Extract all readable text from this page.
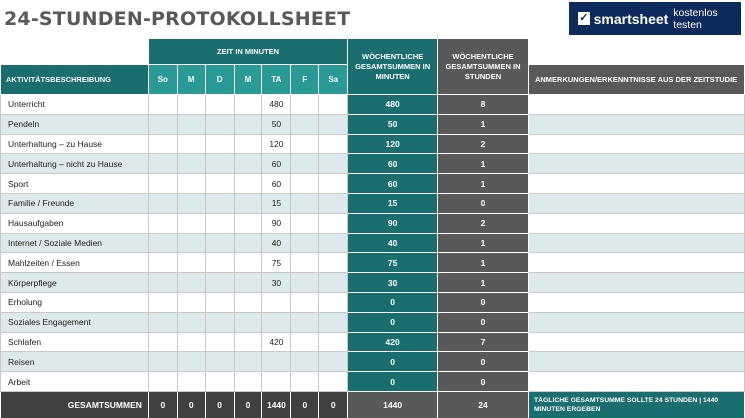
24-STUNDEN-PROTOKOLLSHEET	✓ smartsheet kostenlos testen
	ZEIT IN MINUTEN							WÖCHENTLICHE GESAMTSUMMEN IN MINUTEN	WÖCHENTLICHE GESAMTSUMMEN IN STUNDEN	
AKTIVITÄTSBESCHREIBUNG	So	M	D	M	TA	F	Sa			ANMERKUNGEN/ERKENNTNISSE AUS DER ZEITSTUDIE
Unterricht					480			480	8	
Pendeln					50			50	1	
Unterhaltung – zu Hause					120			120	2	
Unterhaltung – nicht zu Hause					60			60	1	
Sport					60			60	1	
Familie / Freunde					15			15	0	
Hausaufgaben					90			90	2	
Internet / Soziale Medien					40			40	1	
Mahlzeiten / Essen					75			75	1	
Körperpflege					30			30	1	
Erholung								0	0	
Soziales Engagement								0	0	
Schlafen					420			420	7	
Reisen								0	0	
Arbeit								0	0	
GESAMTSUMMEN	0	0	0	0	1440	0	0	1440	24	TÄGLICHE GESAMTSUMME SOLLTE 24 STUNDEN | 1440 MINUTEN ERGEBEN
